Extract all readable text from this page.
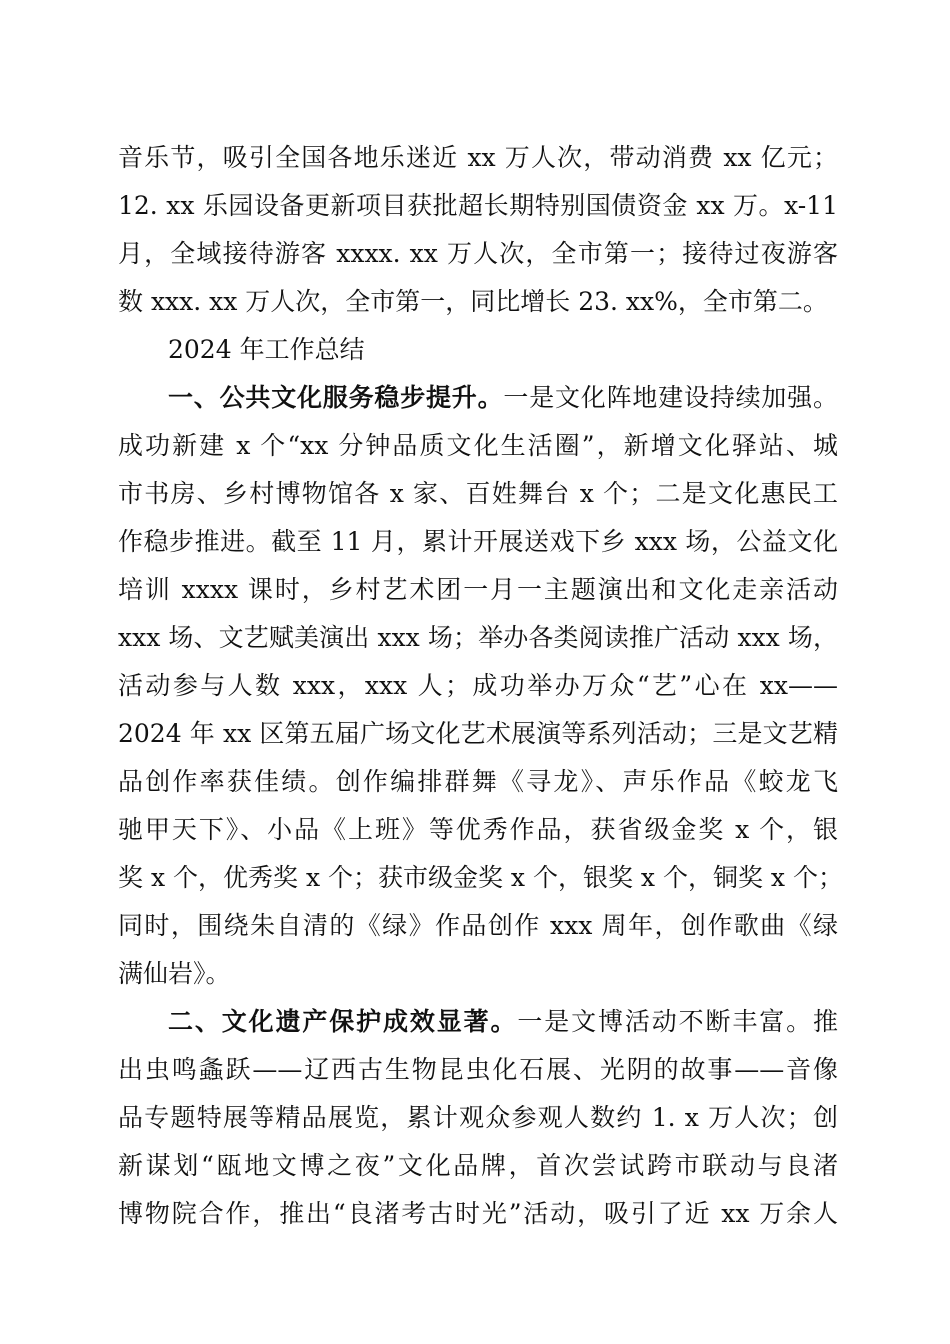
音乐节，吸引全国各地乐迷近 xx 万人次，带动消费 xx 亿元；
12. xx 乐园设备更新项目获批超长期特别国债资金 xx 万。x-11
月，全域接待游客 xxxx. xx 万人次，全市第一；接待过夜游客
数 xxx. xx 万人次，全市第一，同比增长 23. xx%，全市第二。
2024 年工作总结
一、公共文化服务稳步提升。一是文化阵地建设持续加强。
成功新建 x 个“xx 分钟品质文化生活圈”，新增文化驿站、城
市书房、乡村博物馆各 x 家、百姓舞台 x 个；二是文化惠民工
作稳步推进。截至 11 月，累计开展送戏下乡 xxx 场，公益文化
培训 xxxx 课时，乡村艺术团一月一主题演出和文化走亲活动
xxx 场、文艺赋美演出 xxx 场；举办各类阅读推广活动 xxx 场，
活动参与人数 xxx，xxx 人；成功举办万众“艺”心在 xx——
2024 年 xx 区第五届广场文化艺术展演等系列活动；三是文艺精
品创作率获佳绩。创作编排群舞《寻龙》、声乐作品《蛟龙飞
驰甲天下》、小品《上班》等优秀作品，获省级金奖 x 个，银
奖 x 个，优秀奖 x 个；获市级金奖 x 个，银奖 x 个，铜奖 x 个；
同时，围绕朱自清的《绿》作品创作 xxx 周年，创作歌曲《绿
满仙岩》。
二、文化遗产保护成效显著。一是文博活动不断丰富。推
出虫鸣螽跃——辽西古生物昆虫化石展、光阴的故事——音像
品专题特展等精品展览，累计观众参观人数约 1. x 万人次；创
新谋划“瓯地文博之夜”文化品牌，首次尝试跨市联动与良渚
博物院合作，推出“良渚考古时光”活动，吸引了近 xx 万余人
